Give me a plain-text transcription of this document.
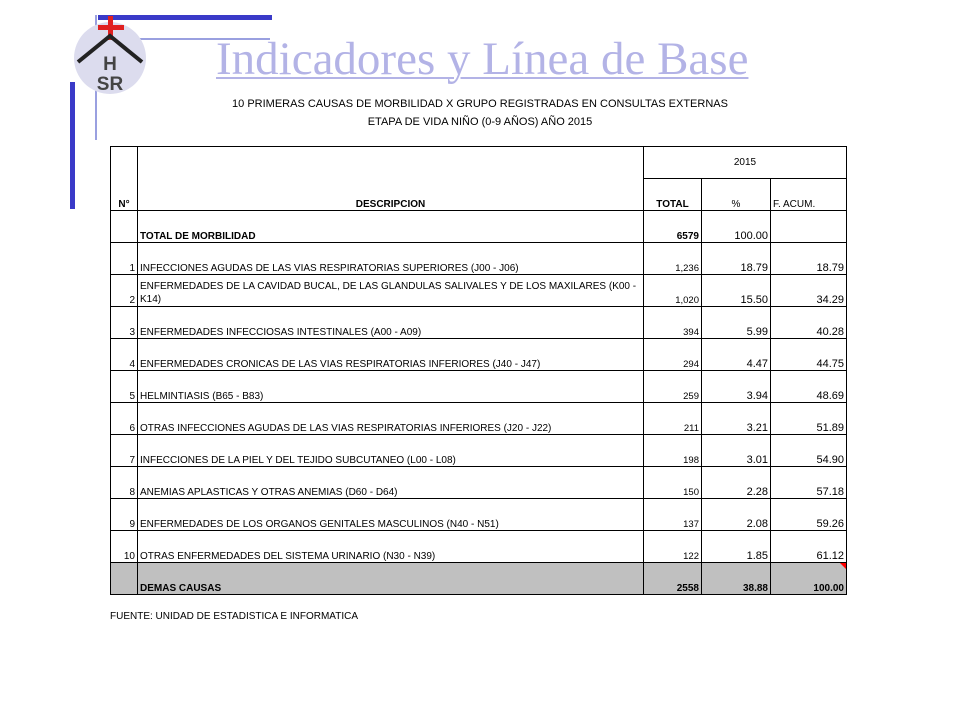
H
SR Indicadores y Línea de Base
10 PRIMERAS CAUSAS DE MORBILIDAD X GRUPO REGISTRADAS EN CONSULTAS EXTERNAS
ETAPA DE VIDA NIÑO (0-9 AÑOS) AÑO 2015
N°	DESCRIPCION	2015		
		TOTAL	%	F. ACUM.
	TOTAL DE MORBILIDAD	6579	100.00	
1	INFECCIONES AGUDAS DE LAS VIAS RESPIRATORIAS SUPERIORES (J00 - J06)	1,236	18.79	18.79
2	ENFERMEDADES DE LA CAVIDAD BUCAL, DE LAS GLANDULAS SALIVALES Y DE LOS MAXILARES (K00 - K14)	1,020	15.50	34.29
3	ENFERMEDADES INFECCIOSAS INTESTINALES (A00 - A09)	394	5.99	40.28
4	ENFERMEDADES CRONICAS DE LAS VIAS RESPIRATORIAS INFERIORES (J40 - J47)	294	4.47	44.75
5	HELMINTIASIS (B65 - B83)	259	3.94	48.69
6	OTRAS INFECCIONES AGUDAS DE LAS VIAS RESPIRATORIAS INFERIORES (J20 - J22)	211	3.21	51.89
7	INFECCIONES DE LA PIEL Y DEL TEJIDO SUBCUTANEO (L00 - L08)	198	3.01	54.90
8	ANEMIAS APLASTICAS Y OTRAS ANEMIAS (D60 - D64)	150	2.28	57.18
9	ENFERMEDADES DE LOS ORGANOS GENITALES MASCULINOS (N40 - N51)	137	2.08	59.26
10	OTRAS ENFERMEDADES DEL SISTEMA URINARIO (N30 - N39)	122	1.85	61.12
	DEMAS CAUSAS	2558	38.88	100.00
FUENTE: UNIDAD DE ESTADISTICA E INFORMATICA
